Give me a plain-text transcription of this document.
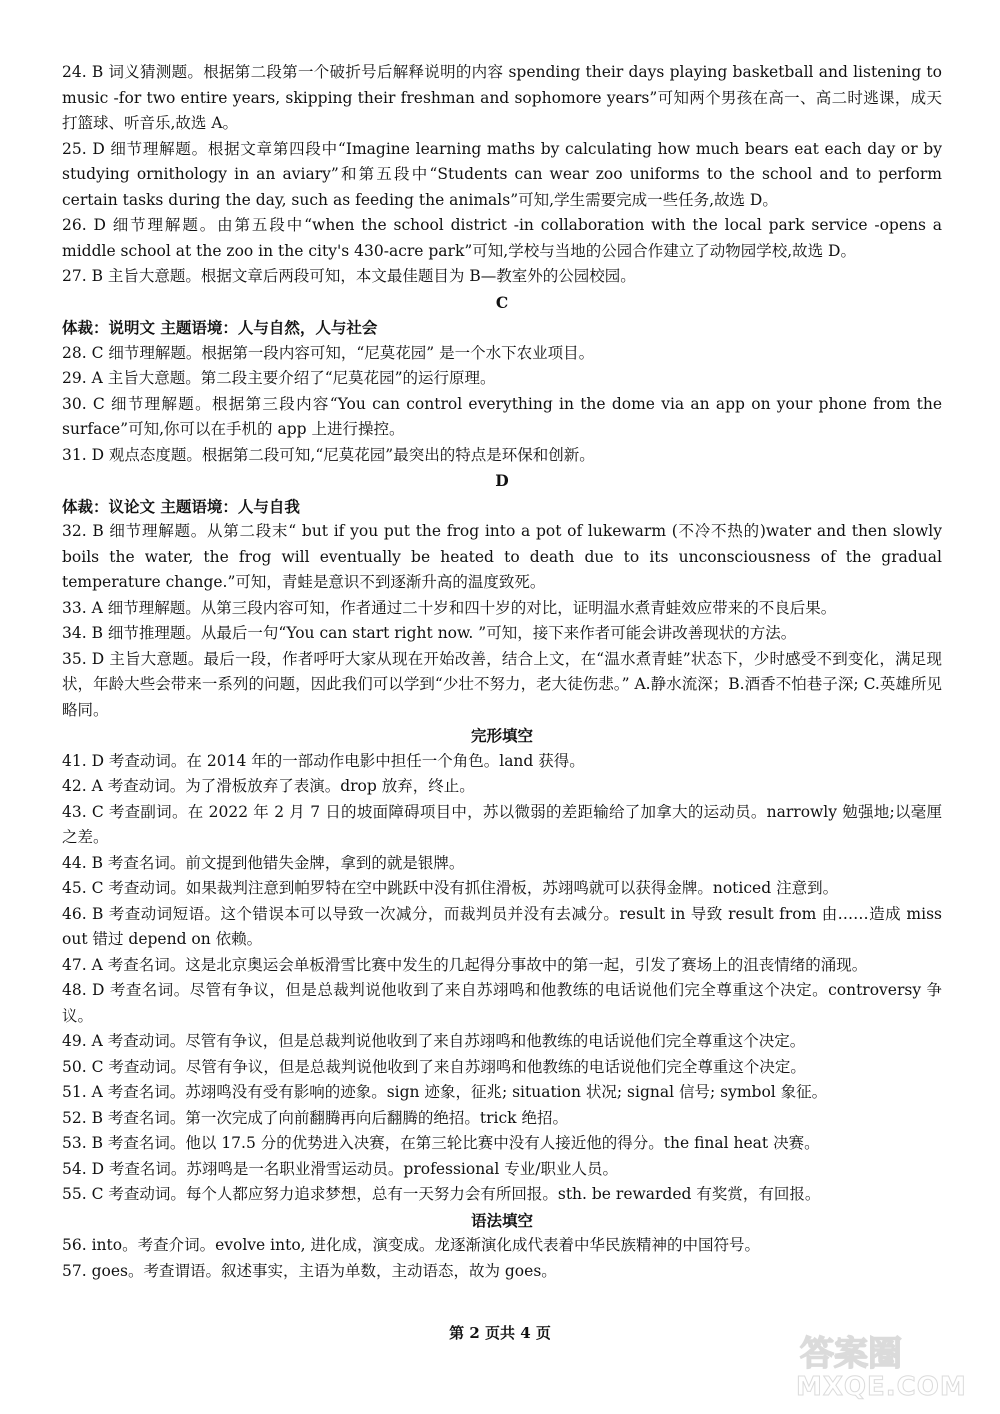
24. B 词义猜测题。根据第二段第一个破折号后解释说明的内容 spending their days playing basketball and listening to music -for two entire years, skipping their freshman and sophomore years”可知两个男孩在高一、高二时逃课，成天打篮球、听音乐,故选 A。

25. D 细节理解题。根据文章第四段中“Imagine learning maths by calculating how much bears eat each day or by studying ornithology in an aviary”和第五段中“Students can wear zoo uniforms to the school and to perform certain tasks during the day, such as feeding the animals”可知,学生需要完成一些任务,故选 D。

26. D 细节理解题。由第五段中“when the school district -in collaboration with the local park service -opens a middle school at the zoo in the city's 430-acre park”可知,学校与当地的公园合作建立了动物园学校,故选 D。

27. B 主旨大意题。根据文章后两段可知，本文最佳题目为 B—教室外的公园校园。

C

体裁：说明文 主题语境：人与自然，人与社会

28. C 细节理解题。根据第一段内容可知，“尼莫花园” 是一个水下农业项目。

29. A 主旨大意题。第二段主要介绍了“尼莫花园”的运行原理。

30. C 细节理解题。根据第三段内容“You can control everything in the dome via an app on your phone from the surface”可知,你可以在手机的 app 上进行操控。

31. D 观点态度题。根据第二段可知,“尼莫花园”最突出的特点是环保和创新。

D

体裁：议论文 主题语境：人与自我

32. B 细节理解题。从第二段末“ but if you put the frog into a pot of lukewarm (不冷不热的)water and then slowly boils the water, the frog will eventually be heated to death due to its unconsciousness of the gradual temperature change.”可知，青蛙是意识不到逐渐升高的温度致死。

33. A 细节理解题。从第三段内容可知，作者通过二十岁和四十岁的对比，证明温水煮青蛙效应带来的不良后果。

34. B 细节推理题。从最后一句“You can start right now. ”可知，接下来作者可能会讲改善现状的方法。

35. D 主旨大意题。最后一段，作者呼吁大家从现在开始改善，结合上文，在“温水煮青蛙”状态下，少时感受不到变化，满足现状，年龄大些会带来一系列的问题，因此我们可以学到“少壮不努力，老大徒伤悲。” A.静水流深；B.酒香不怕巷子深; C.英雄所见略同。

完形填空

41. D 考查动词。在 2014 年的一部动作电影中担任一个角色。land 获得。

42. A 考查动词。为了滑板放弃了表演。drop 放弃，终止。

43. C 考查副词。在 2022 年 2 月 7 日的坡面障碍项目中，苏以微弱的差距输给了加拿大的运动员。narrowly 勉强地;以毫厘之差。

44. B 考查名词。前文提到他错失金牌，拿到的就是银牌。

45. C 考查动词。如果裁判注意到帕罗特在空中跳跃中没有抓住滑板，苏翊鸣就可以获得金牌。noticed 注意到。

46. B 考查动词短语。这个错误本可以导致一次减分，而裁判员并没有去减分。result in 导致 result from 由……造成 miss out 错过 depend on 依赖。

47. A 考查名词。这是北京奥运会单板滑雪比赛中发生的几起得分事故中的第一起，引发了赛场上的沮丧情绪的涌现。

48. D 考查名词。尽管有争议，但是总裁判说他收到了来自苏翊鸣和他教练的电话说他们完全尊重这个决定。controversy 争议。

49. A 考查动词。尽管有争议，但是总裁判说他收到了来自苏翊鸣和他教练的电话说他们完全尊重这个决定。

50. C 考查动词。尽管有争议，但是总裁判说他收到了来自苏翊鸣和他教练的电话说他们完全尊重这个决定。

51. A 考查名词。苏翊鸣没有受有影响的迹象。sign 迹象，征兆; situation 状况; signal 信号; symbol 象征。

52. B 考查名词。第一次完成了向前翻腾再向后翻腾的绝招。trick 绝招。

53. B 考查名词。他以 17.5 分的优势进入决赛，在第三轮比赛中没有人接近他的得分。the final heat 决赛。

54. D 考查名词。苏翊鸣是一名职业滑雪运动员。professional 专业/职业人员。

55. C 考查动词。每个人都应努力追求梦想，总有一天努力会有所回报。sth. be rewarded 有奖赏，有回报。

语法填空

56. into。考查介词。evolve into, 进化成，演变成。龙逐渐演化成代表着中华民族精神的中国符号。

57. goes。考查谓语。叙述事实，主语为单数，主动语态，故为 goes。

第 2 页共 4 页
答案圈
MXQE.COM
